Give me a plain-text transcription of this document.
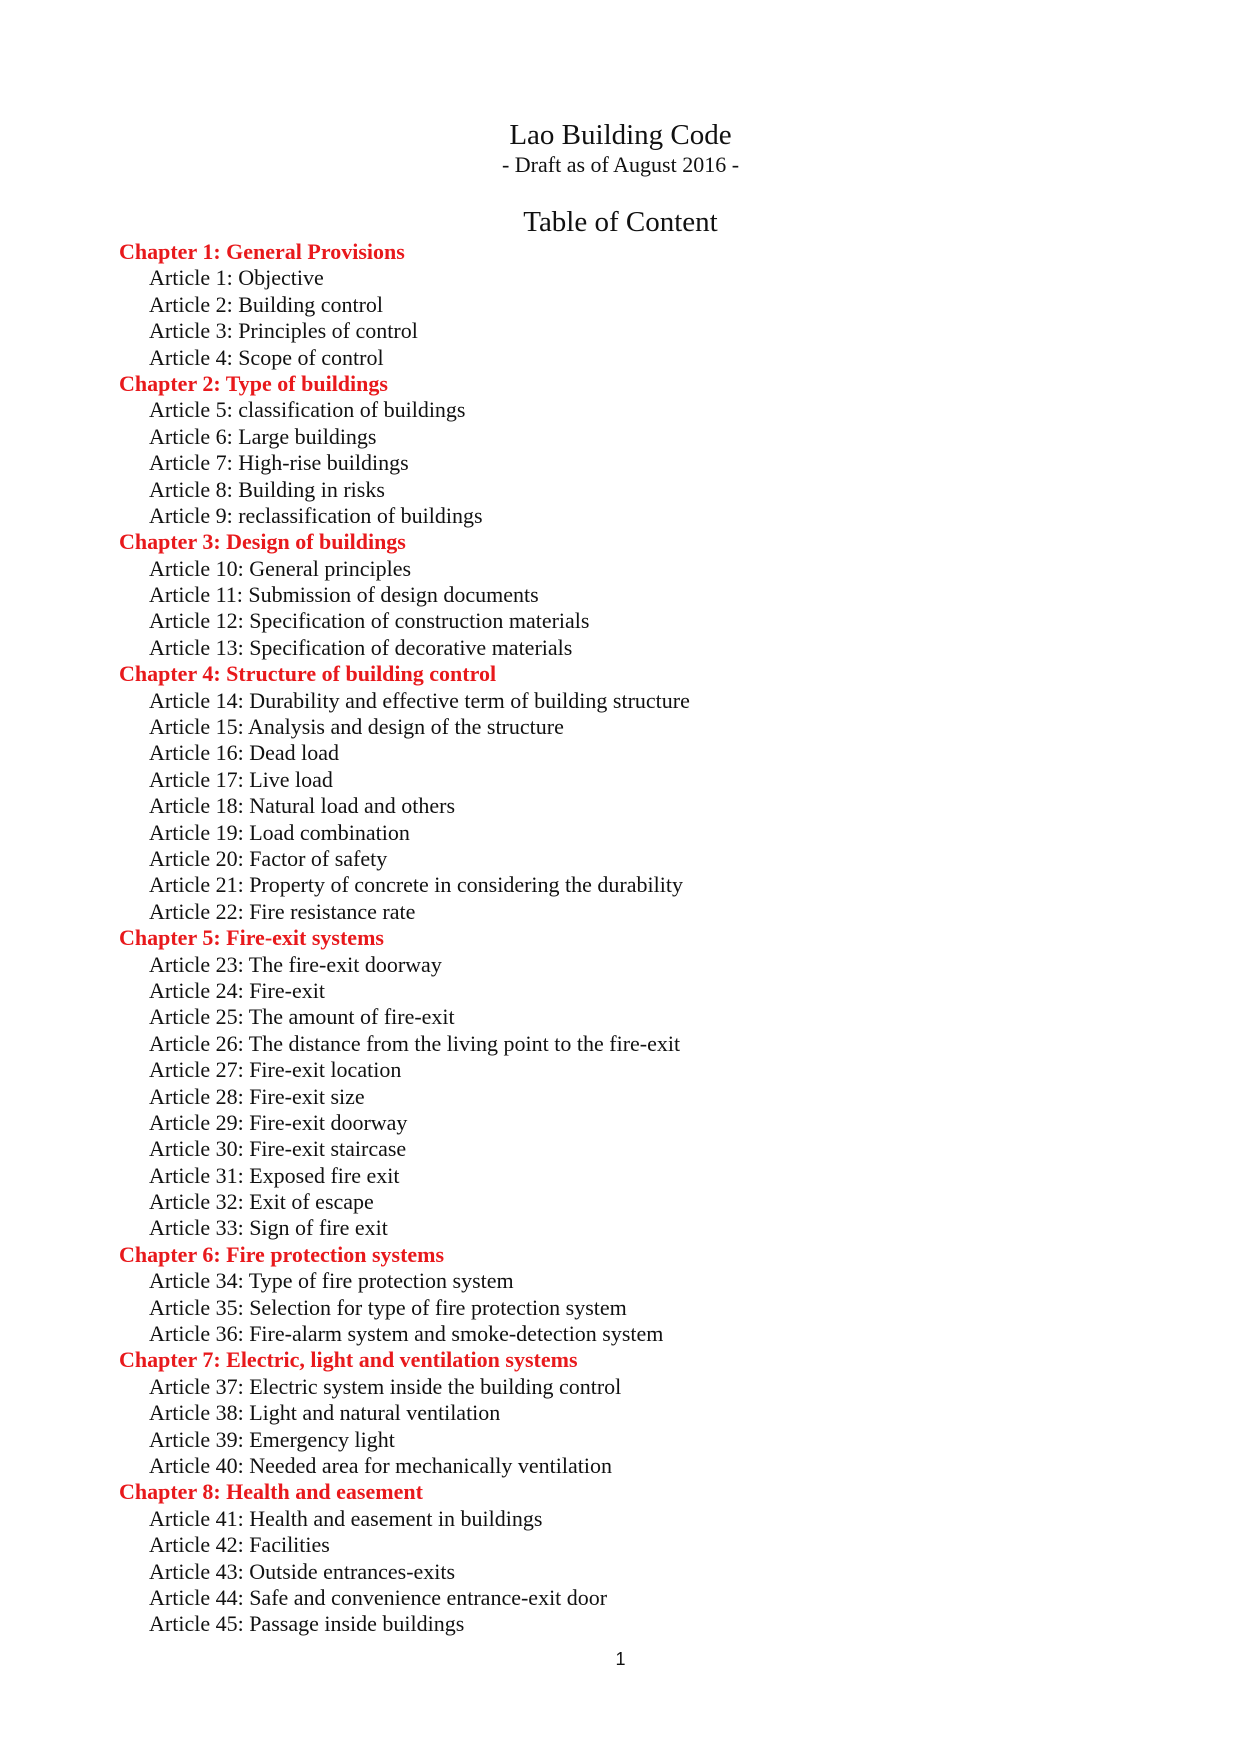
Lao Building Code
- Draft as of August 2016 -
Table of Content
Chapter 1: General Provisions
Article 1: Objective
Article 2: Building control
Article 3: Principles of control
Article 4: Scope of control
Chapter 2: Type of buildings
Article 5: classification of buildings
Article 6: Large buildings
Article 7: High-rise buildings
Article 8: Building in risks
Article 9: reclassification of buildings
Chapter 3: Design of buildings
Article 10: General principles
Article 11: Submission of design documents
Article 12: Specification of construction materials
Article 13: Specification of decorative materials
Chapter 4: Structure of building control
Article 14: Durability and effective term of building structure
Article 15: Analysis and design of the structure
Article 16: Dead load
Article 17: Live load
Article 18: Natural load and others
Article 19: Load combination
Article 20: Factor of safety
Article 21: Property of concrete in considering the durability
Article 22: Fire resistance rate
Chapter 5: Fire-exit systems
Article 23: The fire-exit doorway
Article 24: Fire-exit
Article 25: The amount of fire-exit
Article 26: The distance from the living point to the fire-exit
Article 27: Fire-exit location
Article 28: Fire-exit size
Article 29: Fire-exit doorway
Article 30: Fire-exit staircase
Article 31: Exposed fire exit
Article 32: Exit of escape
Article 33: Sign of fire exit
Chapter 6: Fire protection systems
Article 34: Type of fire protection system
Article 35: Selection for type of fire protection system
Article 36: Fire-alarm system and smoke-detection system
Chapter 7: Electric, light and ventilation systems
Article 37: Electric system inside the building control
Article 38: Light and natural ventilation
Article 39: Emergency light
Article 40: Needed area for mechanically ventilation
Chapter 8: Health and easement
Article 41: Health and easement in buildings
Article 42: Facilities
Article 43: Outside entrances-exits
Article 44: Safe and convenience entrance-exit door
Article 45: Passage inside buildings
1
